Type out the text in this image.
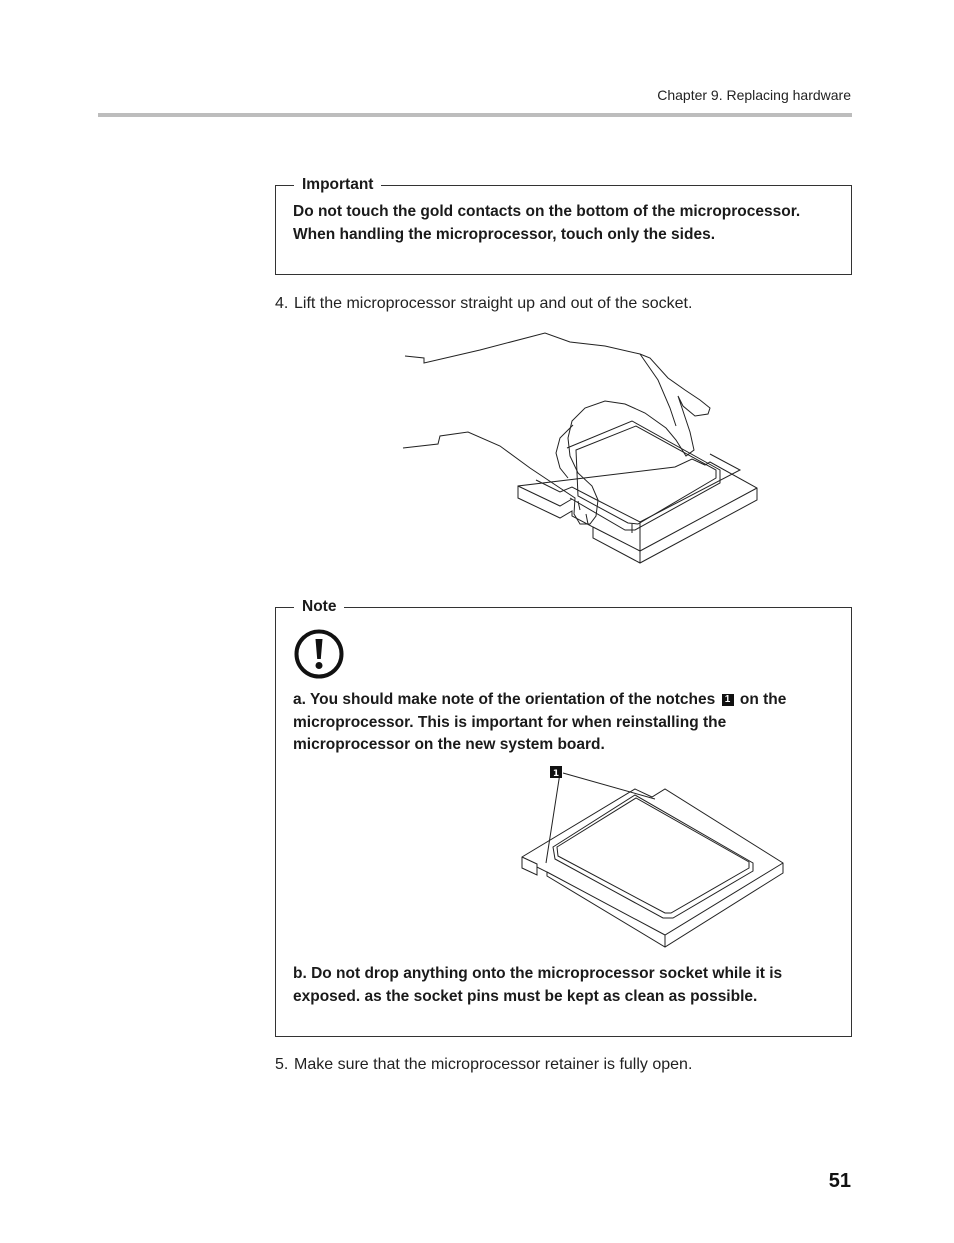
Chapter 9. Replacing hardware
Important
Do not touch the gold contacts on the bottom of the microprocessor. When handling the microprocessor, touch only the sides.
4. Lift the microprocessor straight up and out of the socket.
Note
a. You should make note of the orientation of the notches 1 on the microprocessor. This is important for when reinstalling the microprocessor on the new system board.
b. Do not drop anything onto the microprocessor socket while it is exposed. as the socket pins must be kept as clean as possible.
1
5. Make sure that the microprocessor retainer is fully open.
51
